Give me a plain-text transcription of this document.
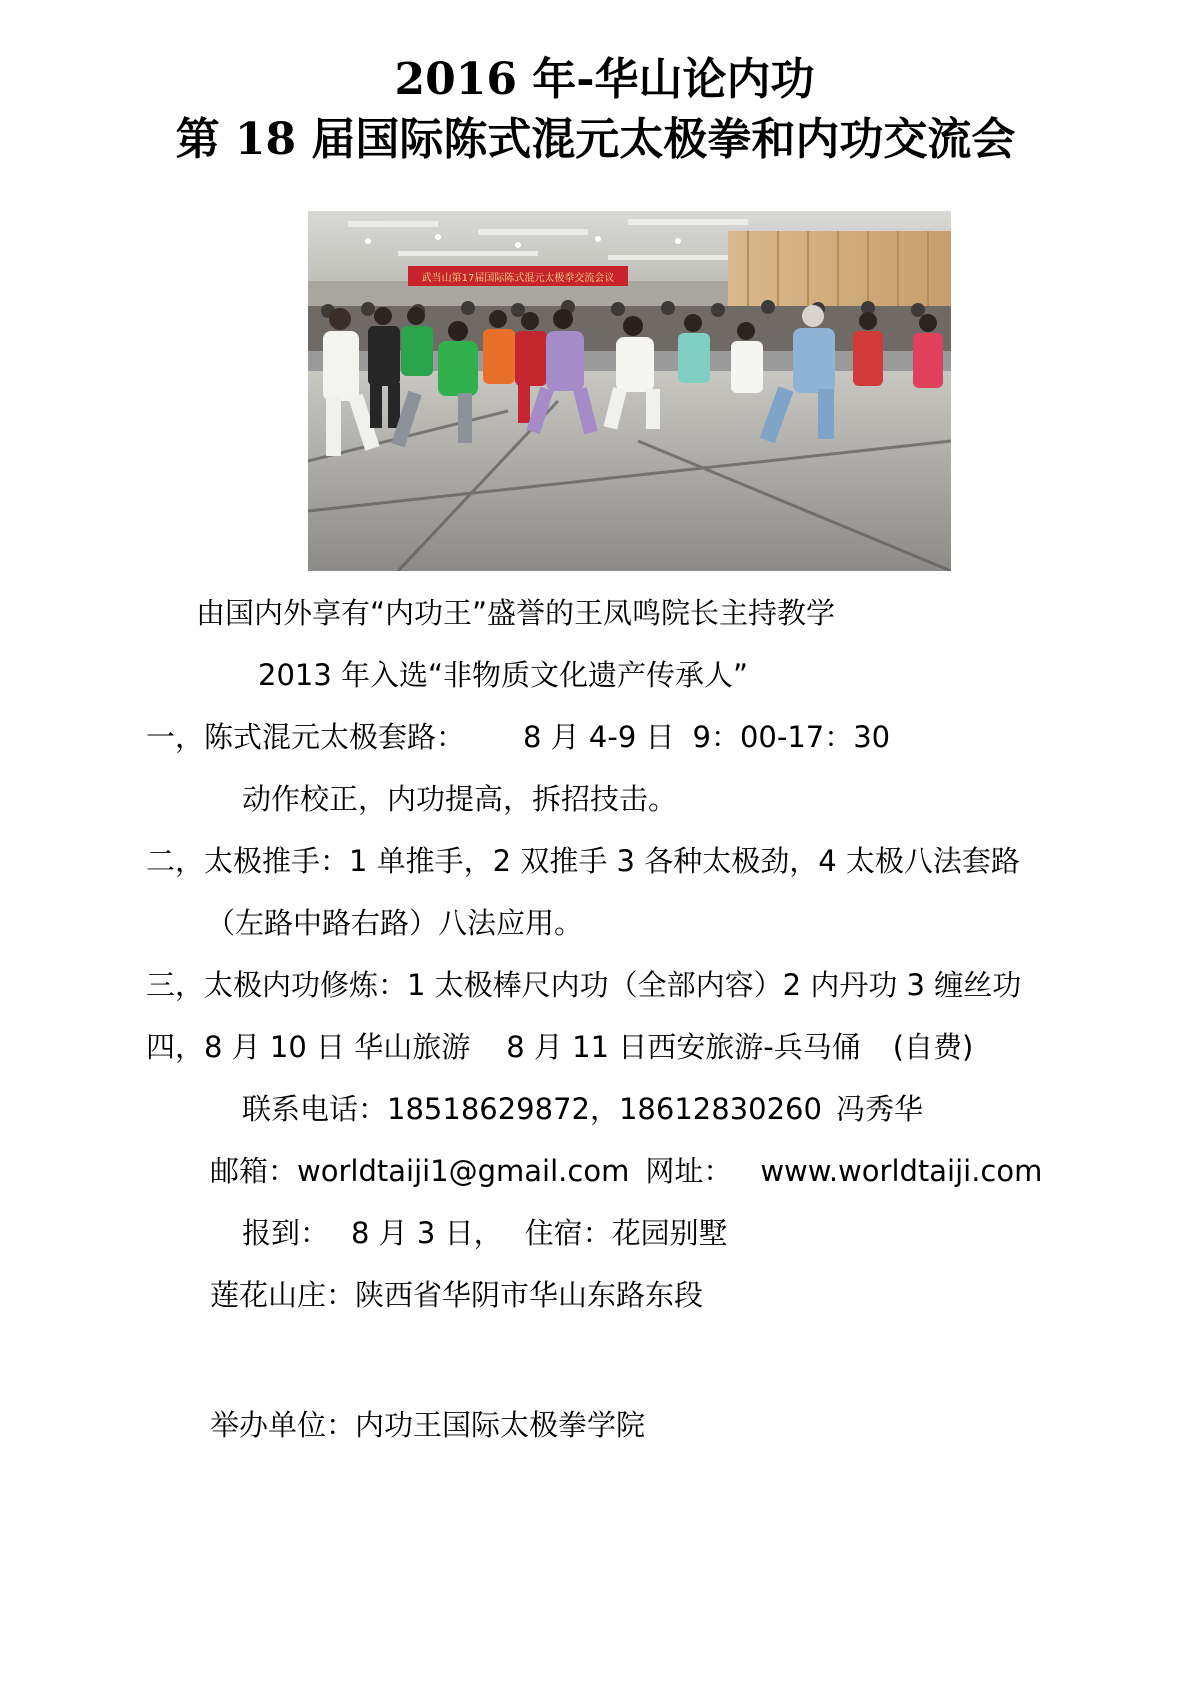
2016 年-华山论内功
第 18 届国际陈式混元太极拳和内功交流会
武当山第17届国际陈式混元太极拳交流会议
由国内外享有“内功王”盛誉的王凤鸣院长主持教学
2013 年入选“非物质文化遗产传承人”
一，陈式混元太极套路： 8 月 4-9 日 9：00-17：30
动作校正，内功提高，拆招技击。
二，太极推手：1 单推手，2 双推手 3 各种太极劲，4 太极八法套路
（左路中路右路）八法应用。
三，太极内功修炼：1 太极棒尺内功（全部内容）2 内丹功 3 缠丝功
四，8 月 10 日 华山旅游 8 月 11 日西安旅游-兵马俑 (自费)
联系电话：18518629872，18612830260 冯秀华
邮箱：worldtaiji1@gmail.com 网址： www.worldtaiji.com
报到： 8 月 3 日， 住宿：花园别墅
莲花山庄：陕西省华阴市华山东路东段
举办单位：内功王国际太极拳学院
